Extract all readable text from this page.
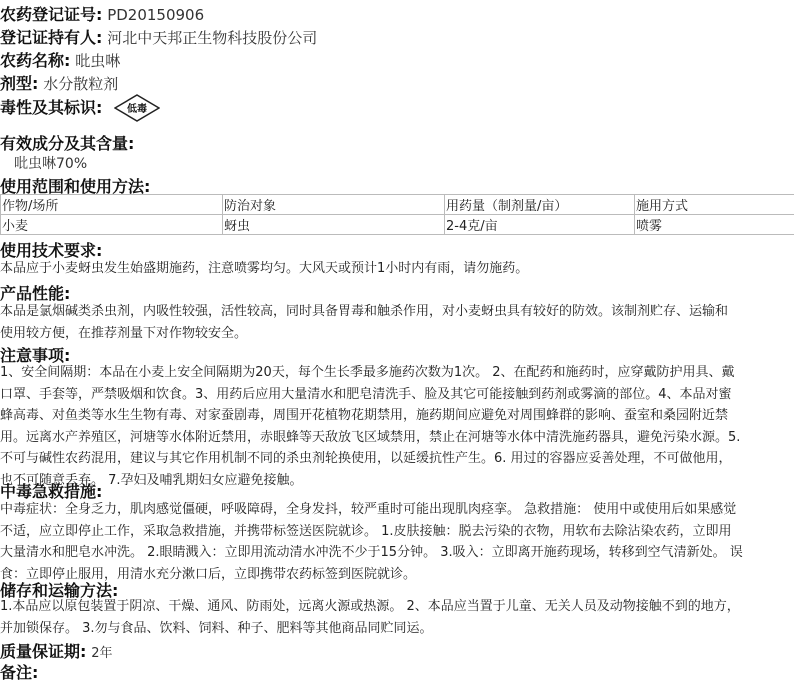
农药登记证号: PD20150906
登记证持有人: 河北中天邦正生物科技股份公司
农药名称: 吡虫啉
剂型: 水分散粒剂
毒性及其标识: 低毒
有效成分及其含量:
吡虫啉70%
使用范围和使用方法:
作物/场所	防治对象	用药量（制剂量/亩）	施用方式
小麦	蚜虫	2-4克/亩	喷雾
使用技术要求:
本品应于小麦蚜虫发生始盛期施药，注意喷雾均匀。大风天或预计1小时内有雨，请勿施药。
产品性能:
本品是氯烟碱类杀虫剂，内吸性较强，活性较高，同时具备胃毒和触杀作用，对小麦蚜虫具有较好的防效。该制剂贮存、运输和
使用较方便，在推荐剂量下对作物较安全。
注意事项:
1、安全间隔期：本品在小麦上安全间隔期为20天，每个生长季最多施药次数为1次。 2、在配药和施药时，应穿戴防护用具、戴
口罩、手套等，严禁吸烟和饮食。3、用药后应用大量清水和肥皂清洗手、脸及其它可能接触到药剂或雾滴的部位。4、本品对蜜
蜂高毒、对鱼类等水生生物有毒、对家蚕剧毒，周围开花植物花期禁用，施药期间应避免对周围蜂群的影响、蚕室和桑园附近禁
用。远离水产养殖区，河塘等水体附近禁用，赤眼蜂等天敌放飞区域禁用，禁止在河塘等水体中清洗施药器具，避免污染水源。5.
不可与碱性农药混用，建议与其它作用机制不同的杀虫剂轮换使用，以延缓抗性产生。6. 用过的容器应妥善处理，不可做他用，
也不可随意丢弃。 7.孕妇及哺乳期妇女应避免接触。
中毒急救措施:
中毒症状：全身乏力，肌肉感觉僵硬，呼吸障碍，全身发抖，较严重时可能出现肌肉痉挛。 急救措施： 使用中或使用后如果感觉
不适，应立即停止工作，采取急救措施，并携带标签送医院就诊。 1.皮肤接触：脱去污染的衣物，用软布去除沾染农药，立即用
大量清水和肥皂水冲洗。 2.眼睛溅入：立即用流动清水冲洗不少于15分钟。 3.吸入：立即离开施药现场，转移到空气清新处。 误
食：立即停止服用，用清水充分漱口后，立即携带农药标签到医院就诊。
储存和运输方法:
1.本品应以原包装置于阴凉、干燥、通风、防雨处，远离火源或热源。 2、本品应当置于儿童、无关人员及动物接触不到的地方，
并加锁保存。 3.勿与食品、饮料、饲料、种子、肥料等其他商品同贮同运。
质量保证期: 2年
备注:
